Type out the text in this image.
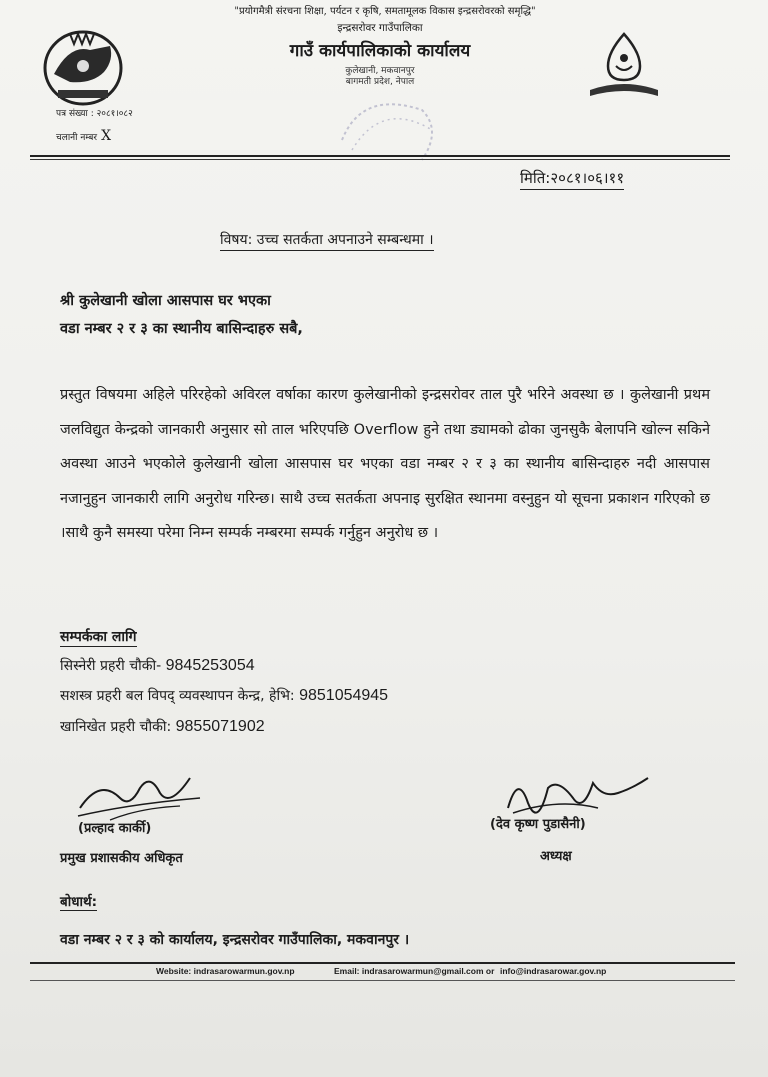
"प्रयोगमैत्री संरचना शिक्षा, पर्यटन र कृषि, समतामूलक विकास इन्द्रसरोवरको समृद्धि"
इन्द्रसरोवर गाउँपालिका
गाउँ कार्यपालिकाको कार्यालय
कुलेखानी, मकवानपुर
बागमती प्रदेश, नेपाल
पत्र संख्या : २०८१।०८२
चलानी नम्बर X
मिति:२०८१।०६।११
विषय: उच्च सतर्कता अपनाउने सम्बन्धमा ।
श्री कुलेखानी खोला आसपास घर भएका
वडा नम्बर २ र ३ का स्थानीय बासिन्दाहरु सबै,
प्रस्तुत विषयमा अहिले परिरहेको अविरल वर्षाका कारण कुलेखानीको इन्द्रसरोवर ताल पुरै भरिने अवस्था छ । कुलेखानी प्रथम जलविद्युत केन्द्रको जानकारी अनुसार सो ताल भरिएपछि Overflow हुने तथा ड्यामको ढोका जुनसुकै बेलापनि खोल्न सकिने अवस्था आउने भएकोले कुलेखानी खोला आसपास घर भएका वडा नम्बर २ र ३ का स्थानीय बासिन्दाहरु नदी आसपास नजानुहुन जानकारी लागि अनुरोध गरिन्छ। साथै उच्च सतर्कता अपनाइ सुरक्षित स्थानमा वस्नुहुन यो सूचना प्रकाशन गरिएको छ ।साथै कुनै समस्या परेमा निम्न सम्पर्क नम्बरमा सम्पर्क गर्नुहुन अनुरोध छ ।
सम्पर्कका लागि
सिस्नेरी प्रहरी चौकी- 9845253054
सशस्त्र प्रहरी बल विपद् व्यवस्थापन केन्द्र, हेभि: 9851054945
खानिखेत प्रहरी चौकी: 9855071902
(प्रल्हाद कार्की)
प्रमुख प्रशासकीय अधिकृत
(देव कृष्ण पुडासैनी)
अध्यक्ष
बोधार्थ:
वडा नम्बर २ र ३ को कार्यालय, इन्द्रसरोवर गाउँपालिका, मकवानपुर ।
Website: indrasarowarmun.gov.np	Email: indrasarowarmun@gmail.com or info@indrasarowar.gov.np
